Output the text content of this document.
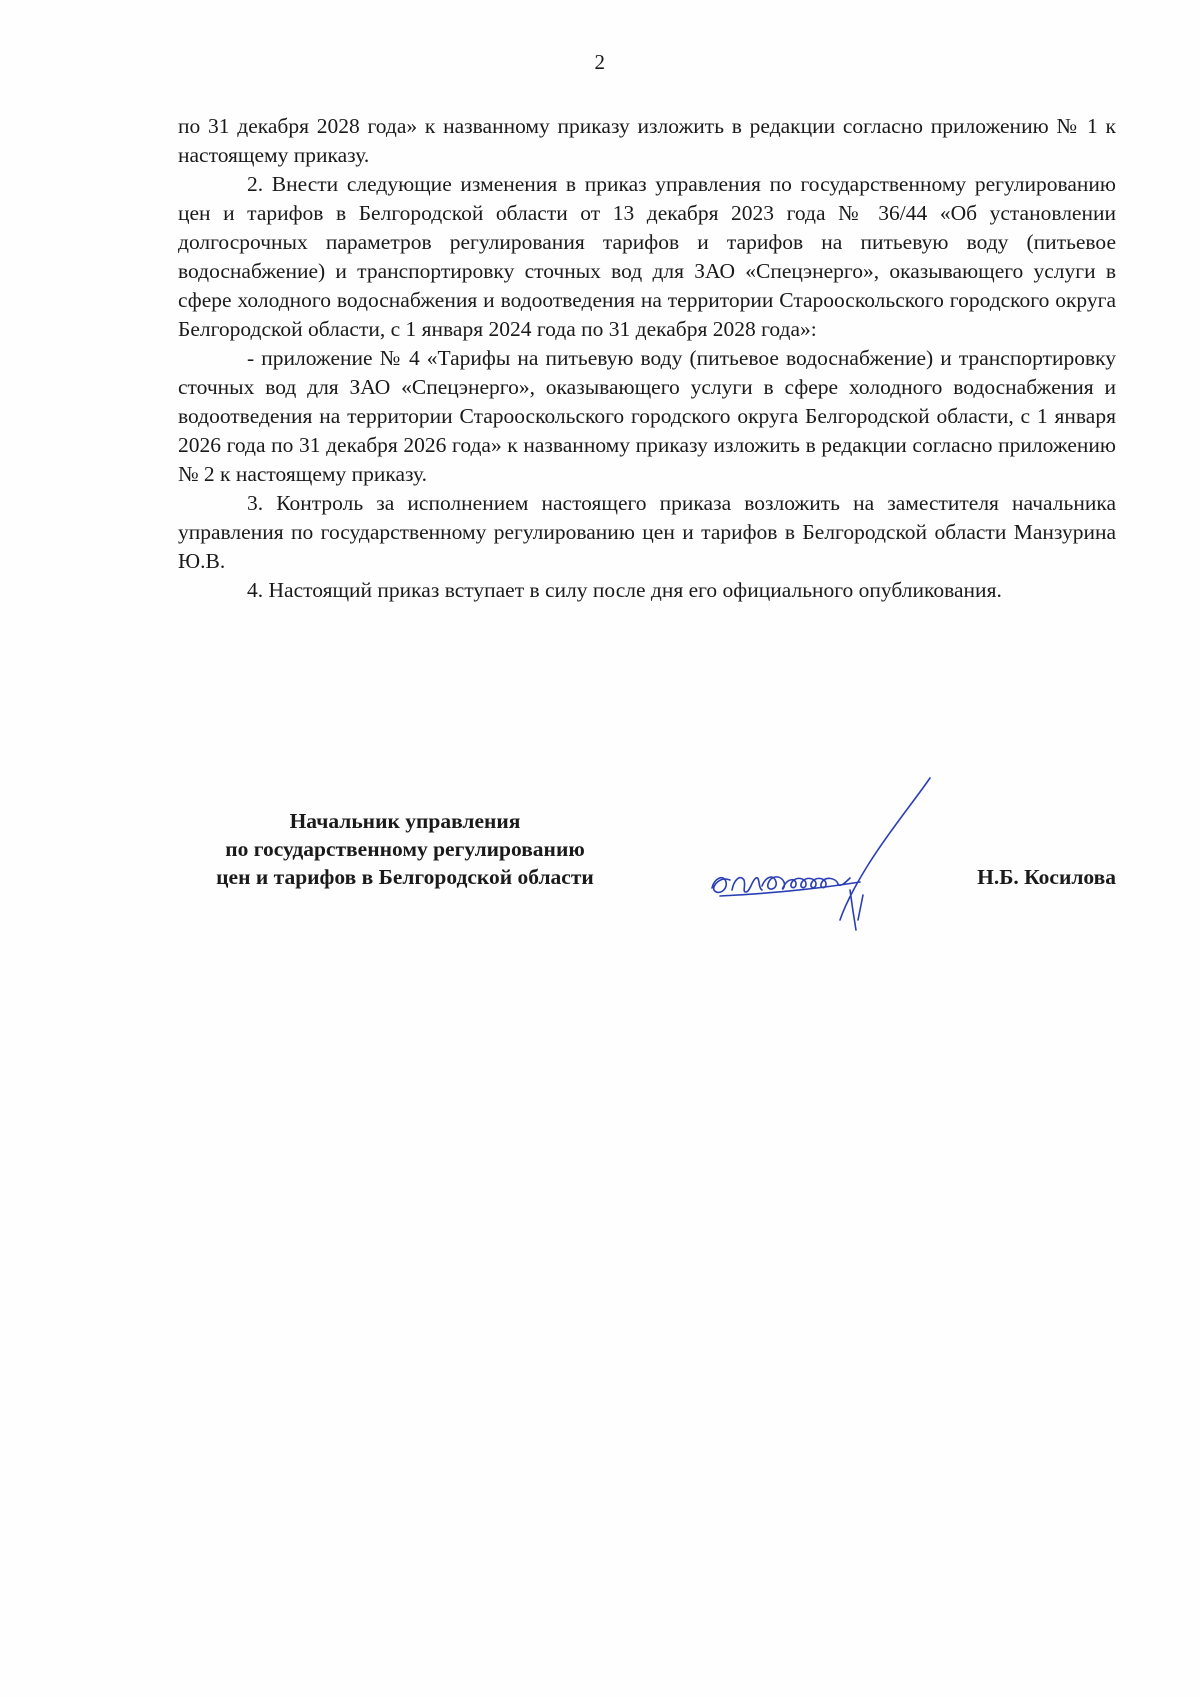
2

по 31 декабря 2028 года» к названному приказу изложить в редакции согласно приложению № 1 к настоящему приказу.

2. Внести следующие изменения в приказ управления по государственному регулированию цен и тарифов в Белгородской области от 13 декабря 2023 года № 36/44 «Об установлении долгосрочных параметров регулирования тарифов и тарифов на питьевую воду (питьевое водоснабжение) и транспортировку сточных вод для ЗАО «Спецэнерго», оказывающего услуги в сфере холодного водоснабжения и водоотведения на территории Старооскольского городского округа Белгородской области, с 1 января 2024 года по 31 декабря 2028 года»:

- приложение № 4 «Тарифы на питьевую воду (питьевое водоснабжение) и транспортировку сточных вод для ЗАО «Спецэнерго», оказывающего услуги в сфере холодного водоснабжения и водоотведения на территории Старооскольского городского округа Белгородской области, с 1 января 2026 года по 31 декабря 2026 года» к названному приказу изложить в редакции согласно приложению № 2 к настоящему приказу.

3. Контроль за исполнением настоящего приказа возложить на заместителя начальника управления по государственному регулированию цен и тарифов в Белгородской области Манзурина Ю.В.

4. Настоящий приказ вступает в силу после дня его официального опубликования.

Начальник управления
по государственному регулированию
цен и тарифов в Белгородской области	Н.Б. Косилова
